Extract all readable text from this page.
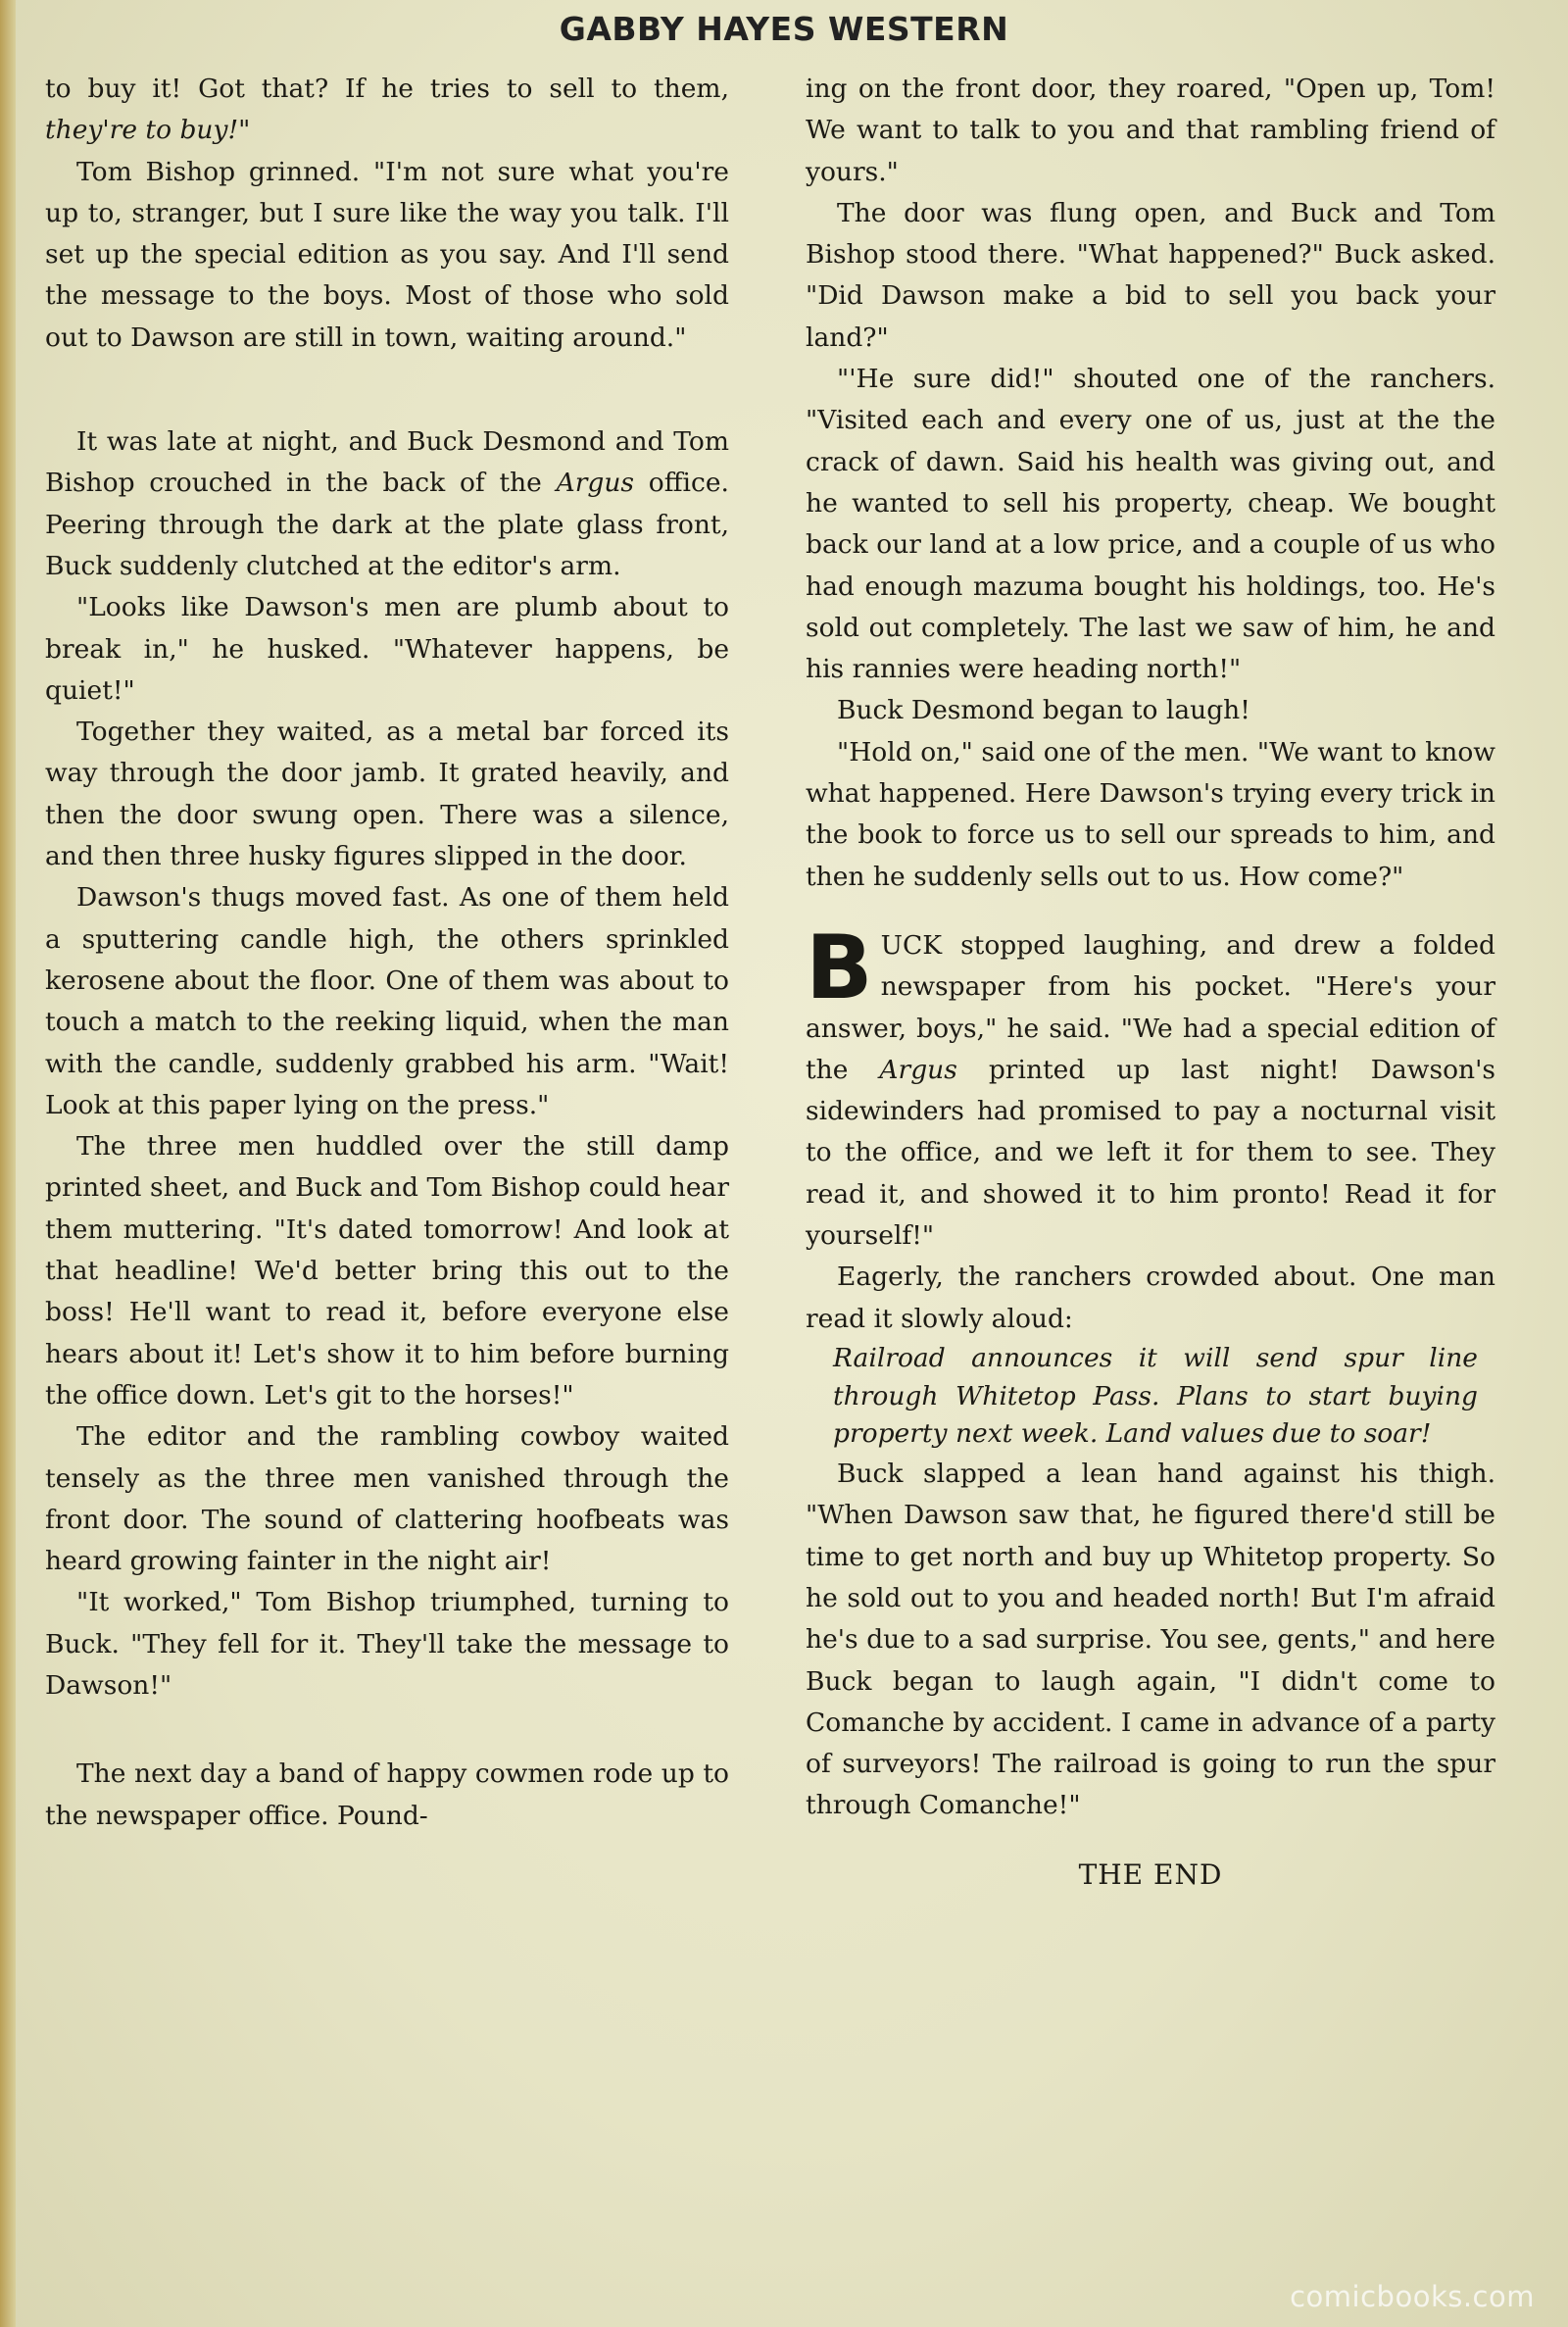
GABBY HAYES WESTERN

to buy it! Got that? If he tries to sell to them, they're to buy!"

Tom Bishop grinned. "I'm not sure what you're up to, stranger, but I sure like the way you talk. I'll set up the special edition as you say. And I'll send the message to the boys. Most of those who sold out to Dawson are still in town, waiting around."

It was late at night, and Buck Desmond and Tom Bishop crouched in the back of the Argus office. Peering through the dark at the plate glass front, Buck suddenly clutched at the editor's arm.

"Looks like Dawson's men are plumb about to break in," he husked. "Whatever happens, be quiet!"

Together they waited, as a metal bar forced its way through the door jamb. It grated heavily, and then the door swung open. There was a silence, and then three husky figures slipped in the door.

Dawson's thugs moved fast. As one of them held a sputtering candle high, the others sprinkled kerosene about the floor. One of them was about to touch a match to the reeking liquid, when the man with the candle, suddenly grabbed his arm. "Wait! Look at this paper lying on the press."

The three men huddled over the still damp printed sheet, and Buck and Tom Bishop could hear them muttering. "It's dated tomorrow! And look at that headline! We'd better bring this out to the boss! He'll want to read it, before everyone else hears about it! Let's show it to him before burning the office down. Let's git to the horses!"

The editor and the rambling cowboy waited tensely as the three men vanished through the front door. The sound of clattering hoofbeats was heard growing fainter in the night air!

"It worked," Tom Bishop triumphed, turning to Buck. "They fell for it. They'll take the message to Dawson!"

The next day a band of happy cowmen rode up to the newspaper office. Pound-

ing on the front door, they roared, "Open up, Tom! We want to talk to you and that rambling friend of yours."

The door was flung open, and Buck and Tom Bishop stood there. "What happened?" Buck asked. "Did Dawson make a bid to sell you back your land?"

"'He sure did!" shouted one of the ranchers. "Visited each and every one of us, just at the the crack of dawn. Said his health was giving out, and he wanted to sell his property, cheap. We bought back our land at a low price, and a couple of us who had enough mazuma bought his holdings, too. He's sold out completely. The last we saw of him, he and his rannies were heading north!"

Buck Desmond began to laugh!

"Hold on," said one of the men. "We want to know what happened. Here Dawson's trying every trick in the book to force us to sell our spreads to him, and then he suddenly sells out to us. How come?"

BUCK stopped laughing, and drew a folded newspaper from his pocket. "Here's your answer, boys," he said. "We had a special edition of the Argus printed up last night! Dawson's sidewinders had promised to pay a nocturnal visit to the office, and we left it for them to see. They read it, and showed it to him pronto! Read it for yourself!"

Eagerly, the ranchers crowded about. One man read it slowly aloud:

Railroad announces it will send spur line through Whitetop Pass. Plans to start buying property next week. Land values due to soar!

Buck slapped a lean hand against his thigh. "When Dawson saw that, he figured there'd still be time to get north and buy up Whitetop property. So he sold out to you and headed north! But I'm afraid he's due to a sad surprise. You see, gents," and here Buck began to laugh again, "I didn't come to Comanche by accident. I came in advance of a party of surveyors! The railroad is going to run the spur through Comanche!"

THE END
comicbooks.com
